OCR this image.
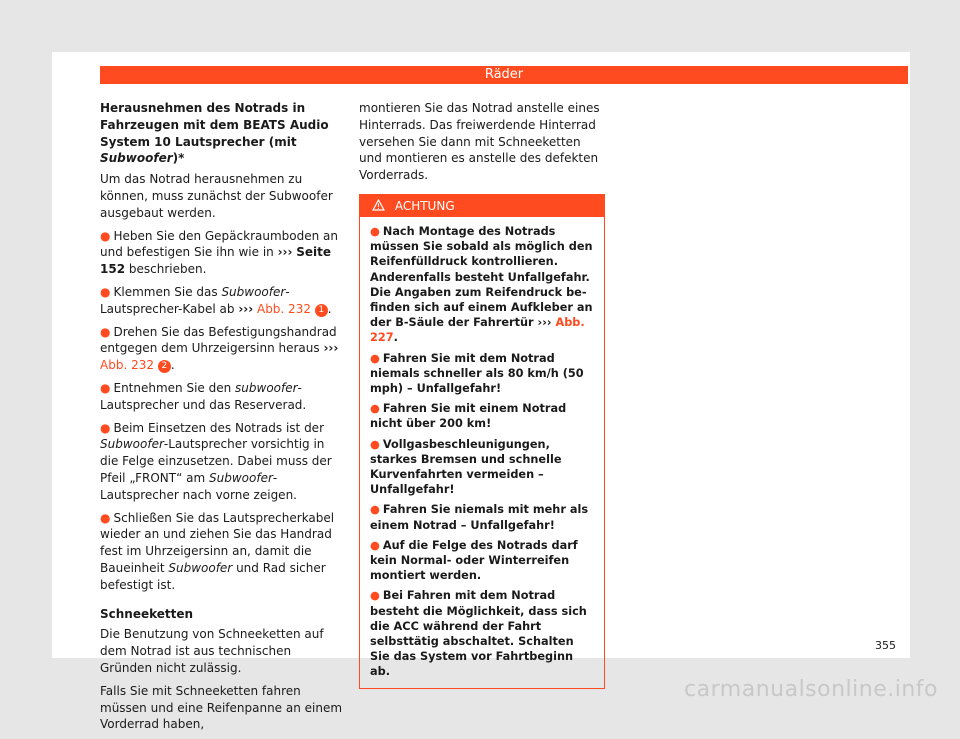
Räder
Herausnehmen des Notrads in Fahrzeugen mit dem BEATS Audio System 10 Lautsprecher (mit Subwoofer)*

Um das Notrad herausnehmen zu können, muss zunächst der Subwoofer ausgebaut werden.

● Heben Sie den Gepäckraumboden an und befestigen Sie ihn wie in ››› Seite 152 beschrieben.

● Klemmen Sie das Subwoofer-Lautsprecher-Kabel ab ››› Abb. 232 1 .

● Drehen Sie das Befestigungshandrad entgegen dem Uhrzeigersinn heraus ››› Abb. 232 2 .

● Entnehmen Sie den subwoofer-Lautsprecher und das Reserverad.

● Beim Einsetzen des Notrads ist der Subwoofer-Lautsprecher vorsichtig in die Felge einzusetzen. Dabei muss der Pfeil „FRONT“ am Subwoofer-Lautsprecher nach vorne zeigen.

● Schließen Sie das Lautsprecherkabel wieder an und ziehen Sie das Handrad fest im Uhrzeigersinn an, damit die Baueinheit Subwoofer und Rad sicher befestigt ist.

Schneeketten

Die Benutzung von Schneeketten auf dem Notrad ist aus technischen Gründen nicht zulässig.

Falls Sie mit Schneeketten fahren müssen und eine Reifenpanne an einem Vorderrad haben,

montieren Sie das Notrad anstelle eines Hinterrads. Das freiwerdende Hinterrad versehen Sie dann mit Schneeketten und montieren es anstelle des defekten Vorderrads.

ACHTUNG

● Nach Montage des Notrads müssen Sie sobald als möglich den Reifenfülldruck kontrollieren. Anderenfalls besteht Unfallgefahr. Die Angaben zum Reifendruck befinden sich auf einem Aufkleber an der B-Säule der Fahrertür ››› Abb. 227.

● Fahren Sie mit dem Notrad niemals schneller als 80 km/h (50 mph) – Unfallgefahr!

● Fahren Sie mit einem Notrad nicht über 200 km!

● Vollgasbeschleunigungen, starkes Bremsen und schnelle Kurvenfahrten vermeiden – Unfallgefahr!

● Fahren Sie niemals mit mehr als einem Notrad – Unfallgefahr!

● Auf die Felge des Notrads darf kein Normal- oder Winterreifen montiert werden.

● Bei Fahren mit dem Notrad besteht die Möglichkeit, dass sich die ACC während der Fahrt selbsttätig abschaltet. Schalten Sie das System vor Fahrtbeginn ab.

355
carmanualsonline.info
